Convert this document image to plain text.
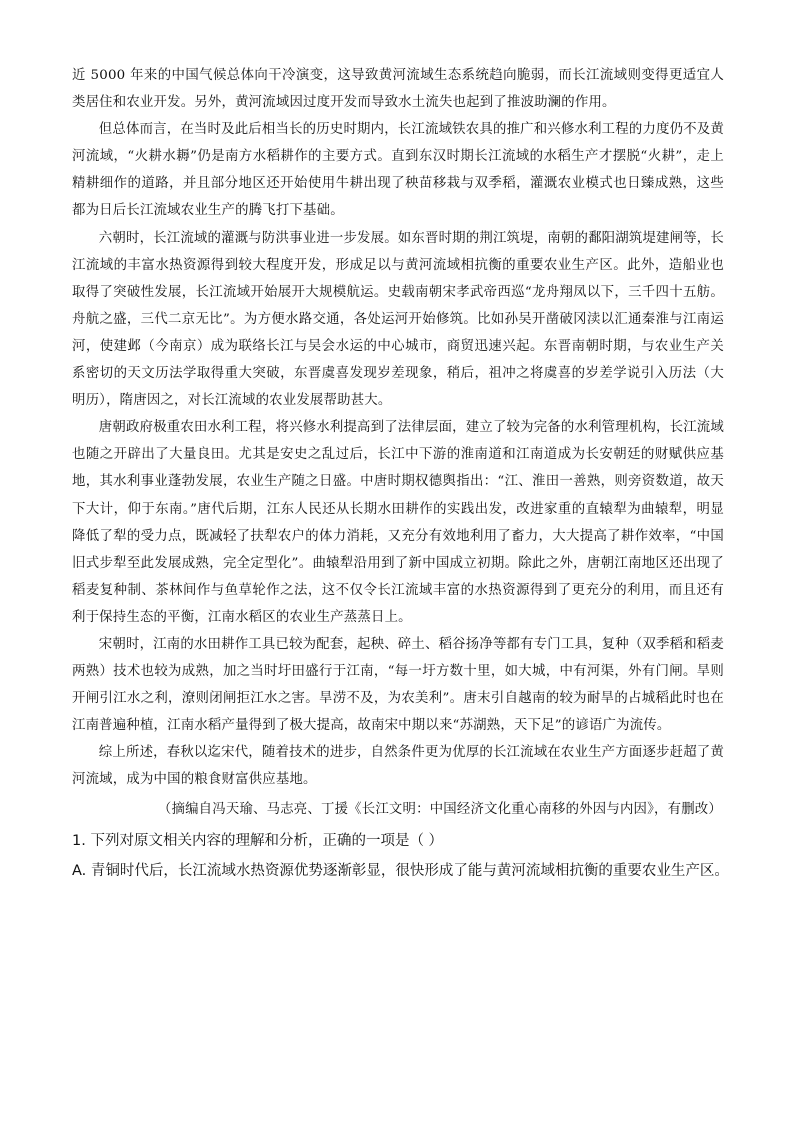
近 5000 年来的中国气候总体向干冷演变，这导致黄河流域生态系统趋向脆弱，而长江流域则变得更适宜人类居住和农业开发。另外，黄河流域因过度开发而导致水土流失也起到了推波助澜的作用。

但总体而言，在当时及此后相当长的历史时期内，长江流域铁农具的推广和兴修水利工程的力度仍不及黄河流域，“火耕水耨”仍是南方水稻耕作的主要方式。直到东汉时期长江流域的水稻生产才摆脱“火耕”，走上精耕细作的道路，并且部分地区还开始使用牛耕出现了秧苗移栽与双季稻，灌溉农业模式也日臻成熟，这些都为日后长江流域农业生产的腾飞打下基础。

六朝时，长江流域的灌溉与防洪事业进一步发展。如东晋时期的荆江筑堤，南朝的鄱阳湖筑堤建闸等，长江流域的丰富水热资源得到较大程度开发，形成足以与黄河流域相抗衡的重要农业生产区。此外，造船业也取得了突破性发展，长江流域开始展开大规模航运。史载南朝宋孝武帝西巡“龙舟翔凤以下，三千四十五舫。舟航之盛，三代二京无比”。为方便水路交通，各处运河开始修筑。比如孙吴开凿破冈渎以汇通秦淮与江南运河，使建邺（今南京）成为联络长江与吴会水运的中心城市，商贸迅速兴起。东晋南朝时期，与农业生产关系密切的天文历法学取得重大突破，东晋虞喜发现岁差现象，稍后，祖冲之将虞喜的岁差学说引入历法（大明历），隋唐因之，对长江流域的农业发展帮助甚大。

唐朝政府极重农田水利工程，将兴修水利提高到了法律层面，建立了较为完备的水利管理机构，长江流域也随之开辟出了大量良田。尤其是安史之乱过后，长江中下游的淮南道和江南道成为长安朝廷的财赋供应基地，其水利事业蓬勃发展，农业生产随之日盛。中唐时期权德舆指出：“江、淮田一善熟，则旁资数道，故天下大计，仰于东南。”唐代后期，江东人民还从长期水田耕作的实践出发，改进家重的直辕犁为曲辕犁，明显降低了犁的受力点，既减轻了扶犁农户的体力消耗，又充分有效地利用了畜力，大大提高了耕作效率，“中国旧式步犁至此发展成熟，完全定型化”。曲辕犁沿用到了新中国成立初期。除此之外，唐朝江南地区还出现了稻麦复种制、茶林间作与鱼草轮作之法，这不仅令长江流域丰富的水热资源得到了更充分的利用，而且还有利于保持生态的平衡，江南水稻区的农业生产蒸蒸日上。

宋朝时，江南的水田耕作工具已较为配套，起秧、碎土、稻谷扬净等都有专门工具，复种（双季稻和稻麦两熟）技术也较为成熟，加之当时圩田盛行于江南，“每一圩方数十里，如大城，中有河渠，外有门闸。旱则开闸引江水之利，潦则闭闸拒江水之害。旱涝不及，为农美利”。唐末引自越南的较为耐旱的占城稻此时也在江南普遍种植，江南水稻产量得到了极大提高，故南宋中期以来“苏湖熟，天下足”的谚语广为流传。

综上所述，春秋以迄宋代，随着技术的进步，自然条件更为优厚的长江流域在农业生产方面逐步赶超了黄河流域，成为中国的粮食财富供应基地。

（摘编自冯天瑜、马志亮、丁援《长江文明：中国经济文化重心南移的外因与内因》，有删改）

1. 下列对原文相关内容的理解和分析，正确的一项是（ ）

A. 青铜时代后，长江流域水热资源优势逐渐彰显，很快形成了能与黄河流域相抗衡的重要农业生产区。
